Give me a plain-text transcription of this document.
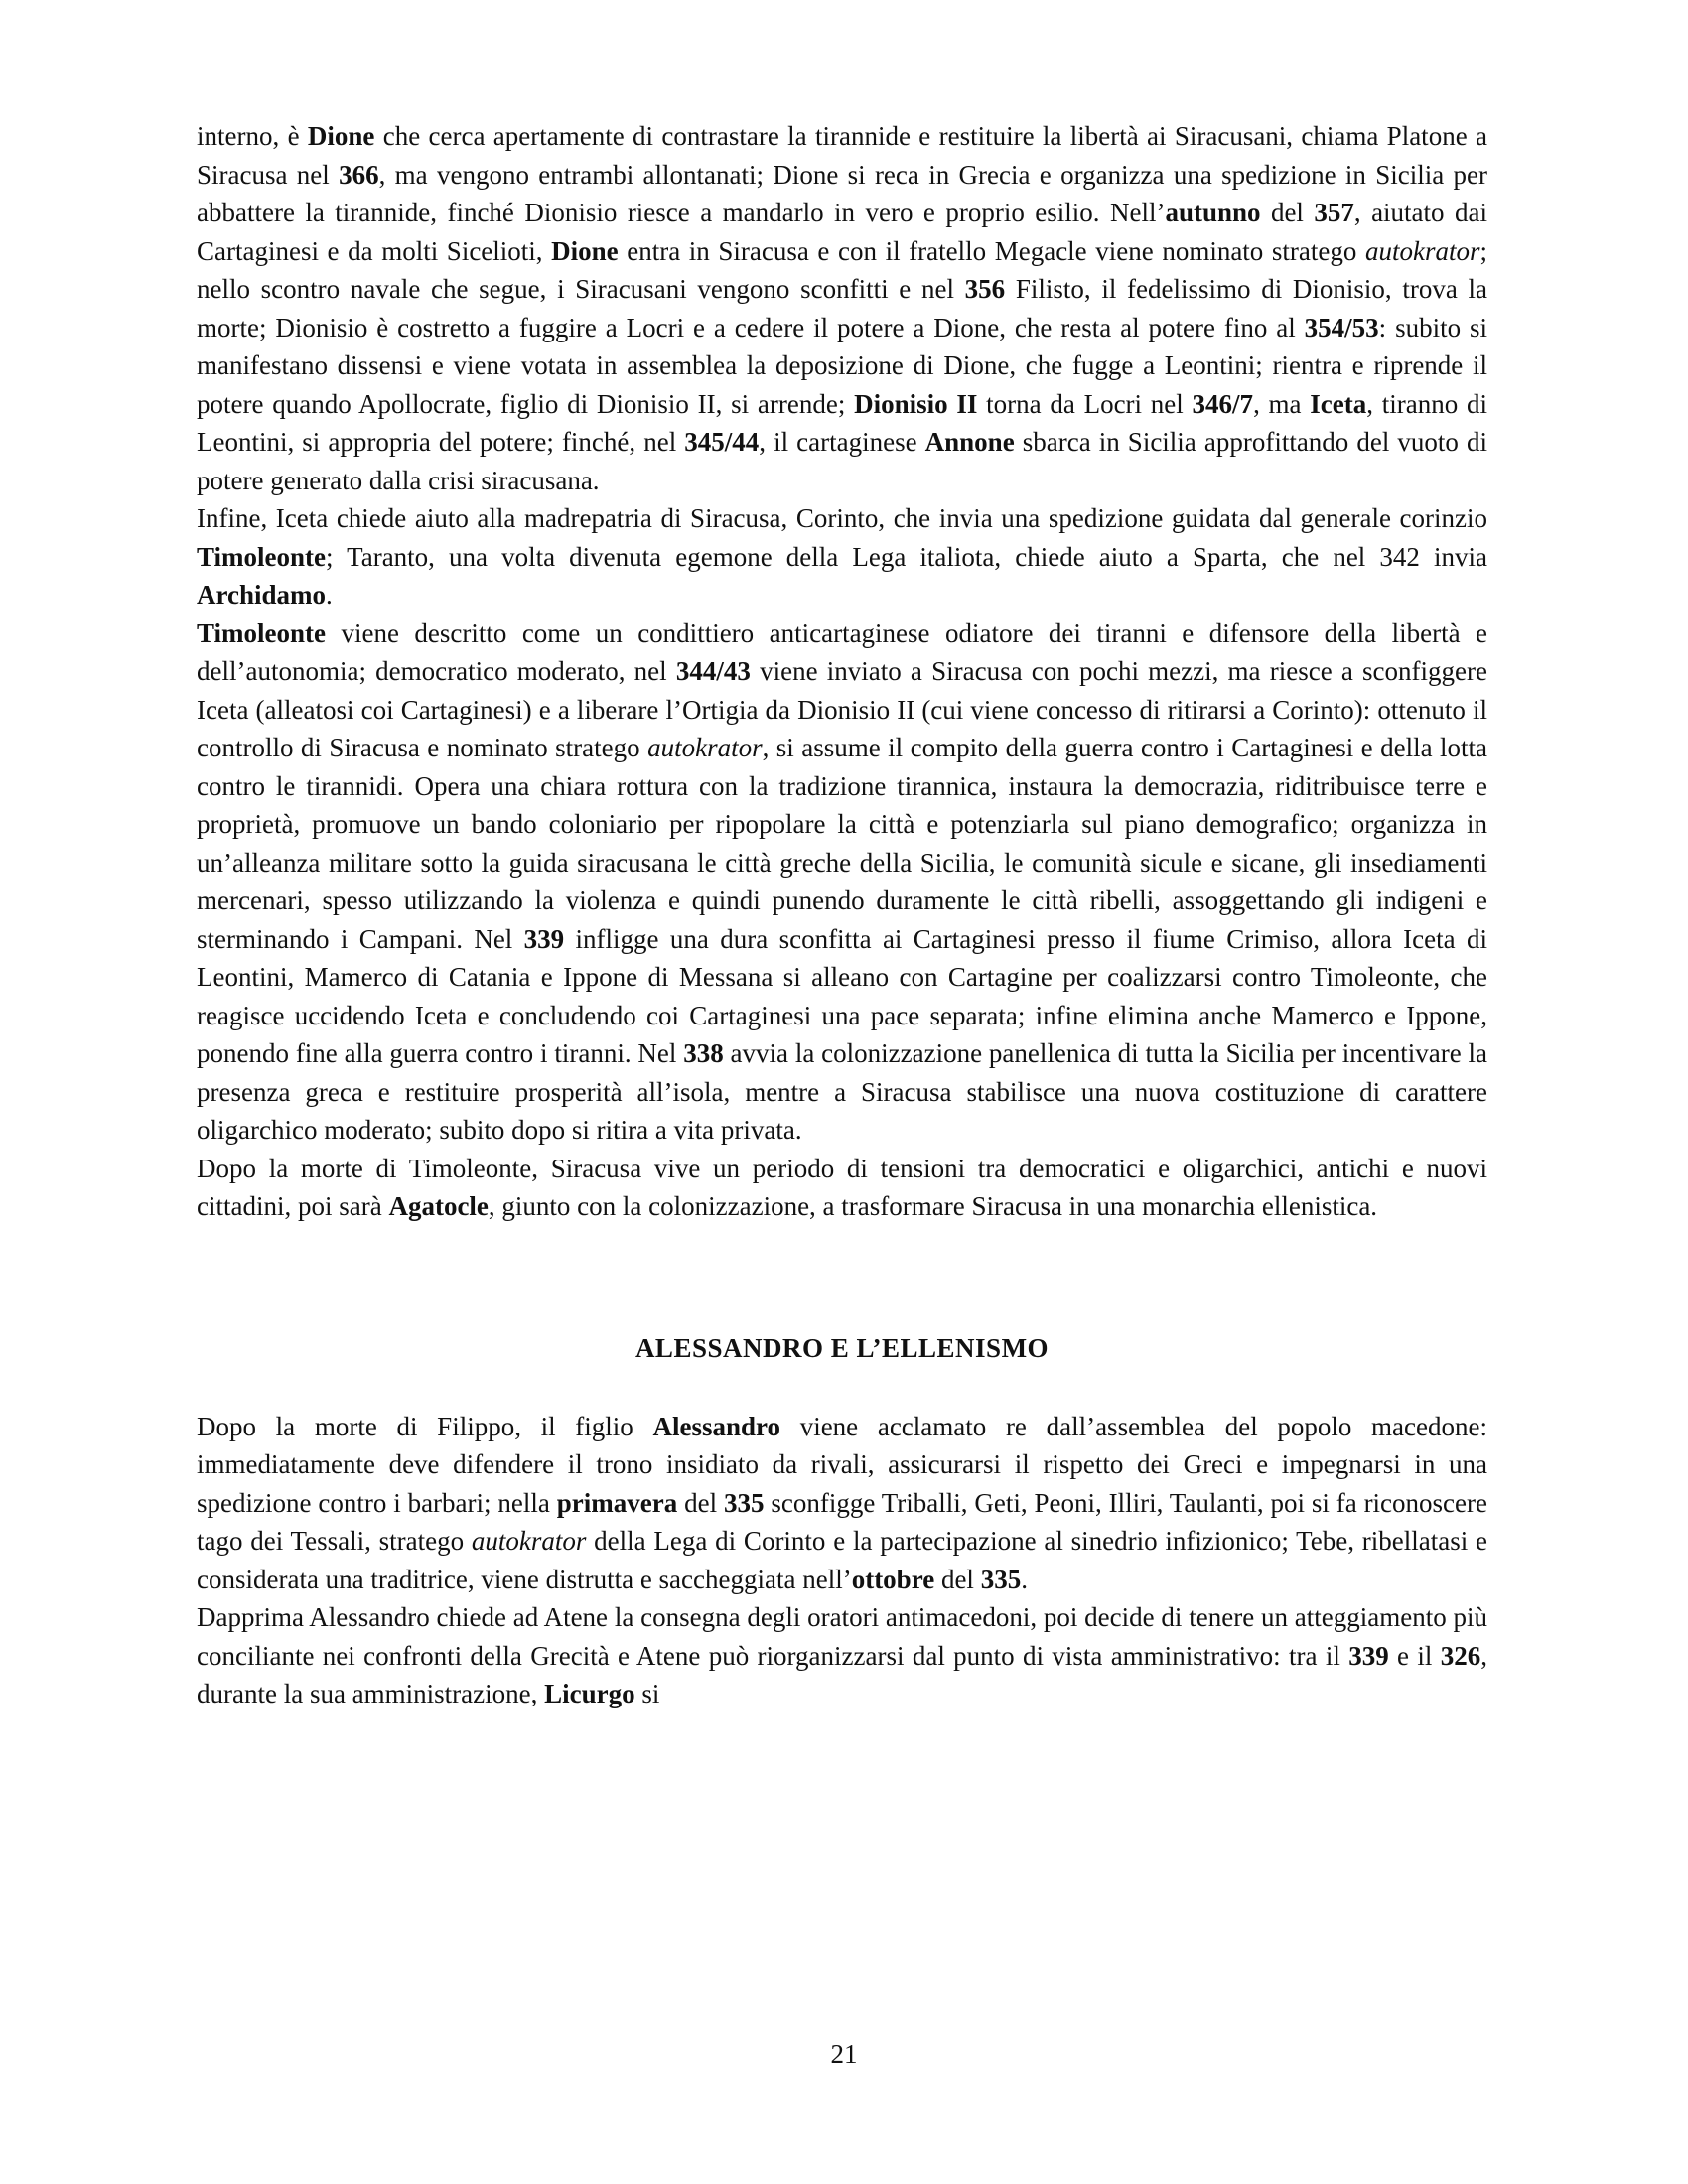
interno, è Dione che cerca apertamente di contrastare la tirannide e restituire la libertà ai Siracusani, chiama Platone a Siracusa nel 366, ma vengono entrambi allontanati; Dione si reca in Grecia e organizza una spedizione in Sicilia per abbattere la tirannide, finché Dionisio riesce a mandarlo in vero e proprio esilio. Nell’autunno del 357, aiutato dai Cartaginesi e da molti Sicelioti, Dione entra in Siracusa e con il fratello Megacle viene nominato stratego autokrator; nello scontro navale che segue, i Siracusani vengono sconfitti e nel 356 Filisto, il fedelissimo di Dionisio, trova la morte; Dionisio è costretto a fuggire a Locri e a cedere il potere a Dione, che resta al potere fino al 354/53: subito si manifestano dissensi e viene votata in assemblea la deposizione di Dione, che fugge a Leontini; rientra e riprende il potere quando Apollocrate, figlio di Dionisio II, si arrende; Dionisio II torna da Locri nel 346/7, ma Iceta, tiranno di Leontini, si appropria del potere; finché, nel 345/44, il cartaginese Annone sbarca in Sicilia approfittando del vuoto di potere generato dalla crisi siracusana.

Infine, Iceta chiede aiuto alla madrepatria di Siracusa, Corinto, che invia una spedizione guidata dal generale corinzio Timoleonte; Taranto, una volta divenuta egemone della Lega italiota, chiede aiuto a Sparta, che nel 342 invia Archidamo.

Timoleonte viene descritto come un condittiero anticartaginese odiatore dei tiranni e difensore della libertà e dell’autonomia; democratico moderato, nel 344/43 viene inviato a Siracusa con pochi mezzi, ma riesce a sconfiggere Iceta (alleatosi coi Cartaginesi) e a liberare l’Ortigia da Dionisio II (cui viene concesso di ritirarsi a Corinto): ottenuto il controllo di Siracusa e nominato stratego autokrator, si assume il compito della guerra contro i Cartaginesi e della lotta contro le tirannidi. Opera una chiara rottura con la tradizione tirannica, instaura la democrazia, riditribuisce terre e proprietà, promuove un bando coloniario per ripopolare la città e potenziarla sul piano demografico; organizza in un’alleanza militare sotto la guida siracusana le città greche della Sicilia, le comunità sicule e sicane, gli insediamenti mercenari, spesso utilizzando la violenza e quindi punendo duramente le città ribelli, assoggettando gli indigeni e sterminando i Campani. Nel 339 infligge una dura sconfitta ai Cartaginesi presso il fiume Crimiso, allora Iceta di Leontini, Mamerco di Catania e Ippone di Messana si alleano con Cartagine per coalizzarsi contro Timoleonte, che reagisce uccidendo Iceta e concludendo coi Cartaginesi una pace separata; infine elimina anche Mamerco e Ippone, ponendo fine alla guerra contro i tiranni. Nel 338 avvia la colonizzazione panellenica di tutta la Sicilia per incentivare la presenza greca e restituire prosperità all’isola, mentre a Siracusa stabilisce una nuova costituzione di carattere oligarchico moderato; subito dopo si ritira a vita privata.

Dopo la morte di Timoleonte, Siracusa vive un periodo di tensioni tra democratici e oligarchici, antichi e nuovi cittadini, poi sarà Agatocle, giunto con la colonizzazione, a trasformare Siracusa in una monarchia ellenistica.

ALESSANDRO E L’ELLENISMO

Dopo la morte di Filippo, il figlio Alessandro viene acclamato re dall’assemblea del popolo macedone: immediatamente deve difendere il trono insidiato da rivali, assicurarsi il rispetto dei Greci e impegnarsi in una spedizione contro i barbari; nella primavera del 335 sconfigge Triballi, Geti, Peoni, Illiri, Taulanti, poi si fa riconoscere tago dei Tessali, stratego autokrator della Lega di Corinto e la partecipazione al sinedrio infizionico; Tebe, ribellatasi e considerata una traditrice, viene distrutta e saccheggiata nell’ottobre del 335.

Dapprima Alessandro chiede ad Atene la consegna degli oratori antimacedoni, poi decide di tenere un atteggiamento più conciliante nei confronti della Grecità e Atene può riorganizzarsi dal punto di vista amministrativo: tra il 339 e il 326, durante la sua amministrazione, Licurgo si

21
